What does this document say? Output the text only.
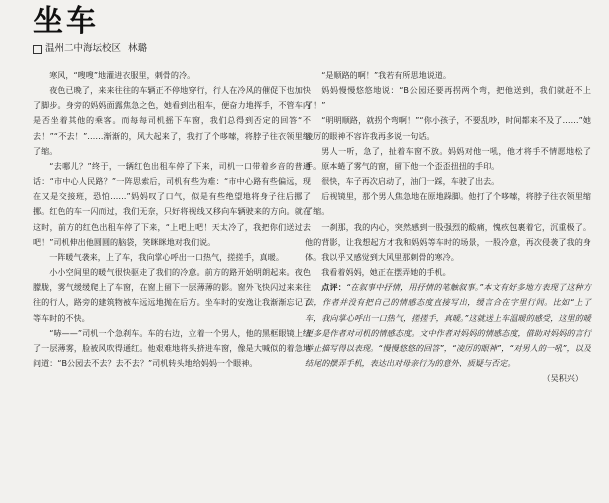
坐车
温州二中海坛校区 林璐

寒风，“嗖嗖”地灌进衣服里，刺骨的冷。

夜色已晚了，来来往往的车辆正不停地穿行，行人在冷风的催促下也加快了脚步。身旁的妈妈面露焦急之色，她看到出租车，便奋力地挥手，不管车内是否坐着其他的乘客。而每每司机摇下车窗，我们总得到否定的回答“不去！”“不去！”……渐渐的，风大起来了，我打了个哆嗦，将脖子往衣领里缩了缩。

“去哪儿？”终于，一辆红色出租车停了下来，司机一口带着乡音的普通话：“市中心人民路？”一阵思索后，司机有些为难：“市中心路有些偏远，现在又是交接班，恐怕……”妈妈叹了口气，似是有些绝望地将身子往后挪了挪。红色的车一闪而过，我们无奈，只好将视线又移向车辆驶来的方向。就在这时，前方的红色出租车停了下来，“上吧上吧！天太冷了，我把你们送过去吧！”司机伸出他圆圆的脑袋，笑眯眯地对我们说。

一阵暖气袭来，上了车，我向掌心呼出一口热气，搓搓手，真暖。

小小空间里的暖气很快驱走了我们的冷意。前方的路开始明朗起来。夜色朦胧，雾气缓缓爬上了车窗，在窗上留下一层薄薄的影。窗外飞快闪过来来往往的行人，路旁的建筑物被车远远地抛在后方。坐车时的安逸让我渐渐忘记了等车时的不快。

“哧——”司机一个急刹车。车的右边，立着一个男人，他的黑框眼镜上结了一层薄雾，脸被风吹得通红。他艰难地将头挤进车窗，像是大喊似的着急地问道：“B公园去不去？去不去？”司机转头地给妈妈一个眼神。

“是顺路的啊！”我若有所思地说道。

妈妈慢慢悠悠地说：“B公园还要再拐两个弯，把他送到，我们就赶不上了！”

“明明顺路，就拐个弯啊！”“你小孩子，不要乱吵，时间都来不及了……”她凌厉的眼神不容许我再多说一句话。

男人一听，急了，扯着车窗不放。妈妈对他一吼，他才将手不情愿地松了手。原本蜷了雾气的窗，留下他一个歪歪扭扭的手印。

很快，车子再次启动了，油门一踩，车驶了出去。

后视镜里，那个男人焦急地在原地跺脚。他打了个哆嗦，将脖子往衣领里缩了缩。

一刹那，我的内心，突然感到一股强烈的酸痛，愧疚包裹着它，沉重极了。他的背影，让我想起方才我和妈妈等车时的场景，一股冷意，再次侵袭了我的身体。我以乎又感觉到大风里那刺骨的寒冷。

我看着妈妈，她正在摆弄她的手机。

点评：“在叙事中抒情，用抒情的笔触叙事。”本文有好多地方表现了这种方法，作者并没有把自己的情感态度直接写出，缓言合在字里行间。比如“上了车，我向掌心呼出一口热气，搓搓手，真暖。”这就送上车温暖的感受，这里的暖更多是作者对司机的情感态度。文中作者对妈妈的情感态度，借助对妈妈的言行举止描写得以表现。“慢慢悠悠的回答”，“凌厉的眼神”，“对男人的一吼”，以及结尾的摆弄手机，表达出对母亲行为的意外、质疑与否定。

（吴积兴）
